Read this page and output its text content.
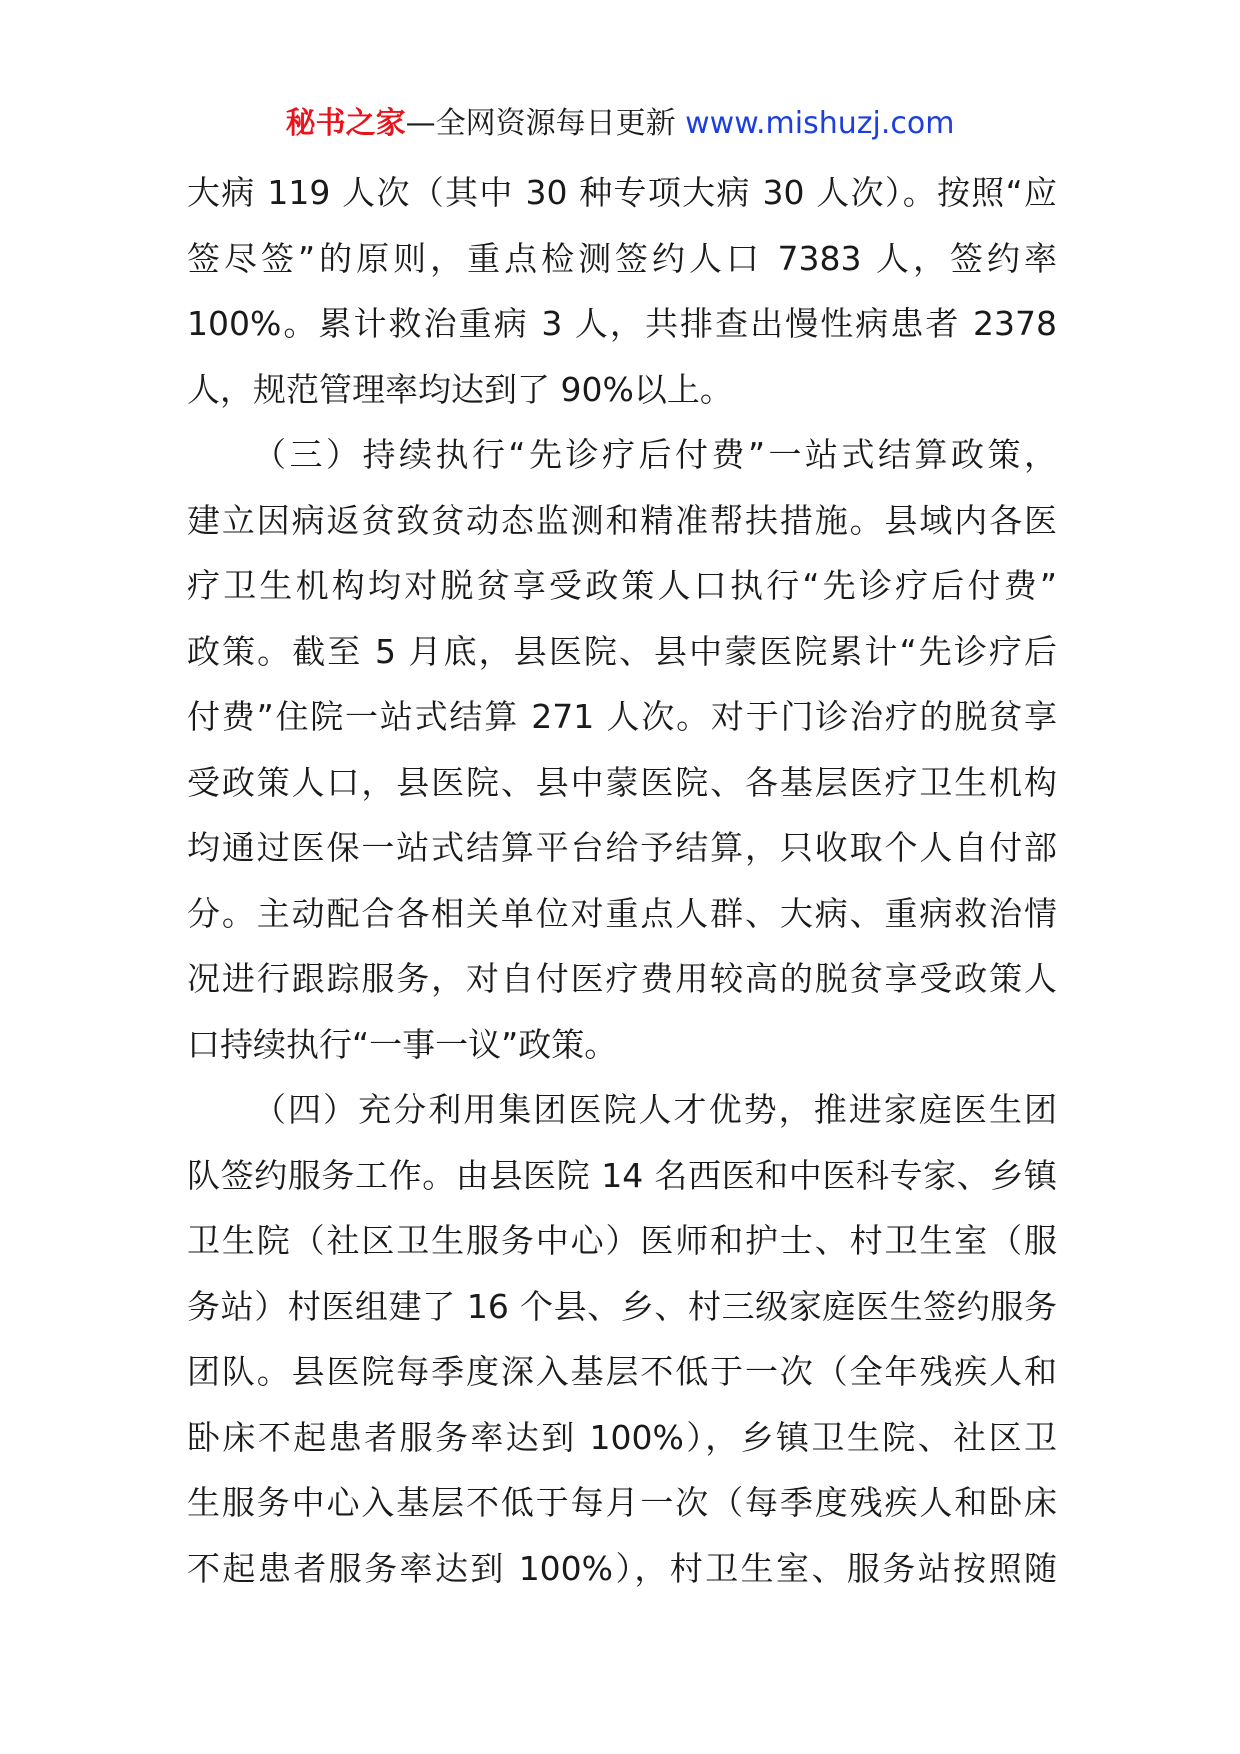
秘书之家—全网资源每日更新 www.mishuzj.com
大病 119 人次（其中 30 种专项大病 30 人次）。按照“应
签尽签”的原则，重点检测签约人口 7383 人，签约率
100%。累计救治重病 3 人，共排查出慢性病患者 2378
人，规范管理率均达到了 90%以上。
（三）持续执行“先诊疗后付费”一站式结算政策，
建立因病返贫致贫动态监测和精准帮扶措施。县域内各医
疗卫生机构均对脱贫享受政策人口执行“先诊疗后付费”
政策。截至 5 月底，县医院、县中蒙医院累计“先诊疗后
付费”住院一站式结算 271 人次。对于门诊治疗的脱贫享
受政策人口，县医院、县中蒙医院、各基层医疗卫生机构
均通过医保一站式结算平台给予结算，只收取个人自付部
分。主动配合各相关单位对重点人群、大病、重病救治情
况进行跟踪服务，对自付医疗费用较高的脱贫享受政策人
口持续执行“一事一议”政策。
（四）充分利用集团医院人才优势，推进家庭医生团
队签约服务工作。由县医院 14 名西医和中医科专家、乡镇
卫生院（社区卫生服务中心）医师和护士、村卫生室（服
务站）村医组建了 16 个县、乡、村三级家庭医生签约服务
团队。县医院每季度深入基层不低于一次（全年残疾人和
卧床不起患者服务率达到 100%），乡镇卫生院、社区卫
生服务中心入基层不低于每月一次（每季度残疾人和卧床
不起患者服务率达到 100%），村卫生室、服务站按照随
